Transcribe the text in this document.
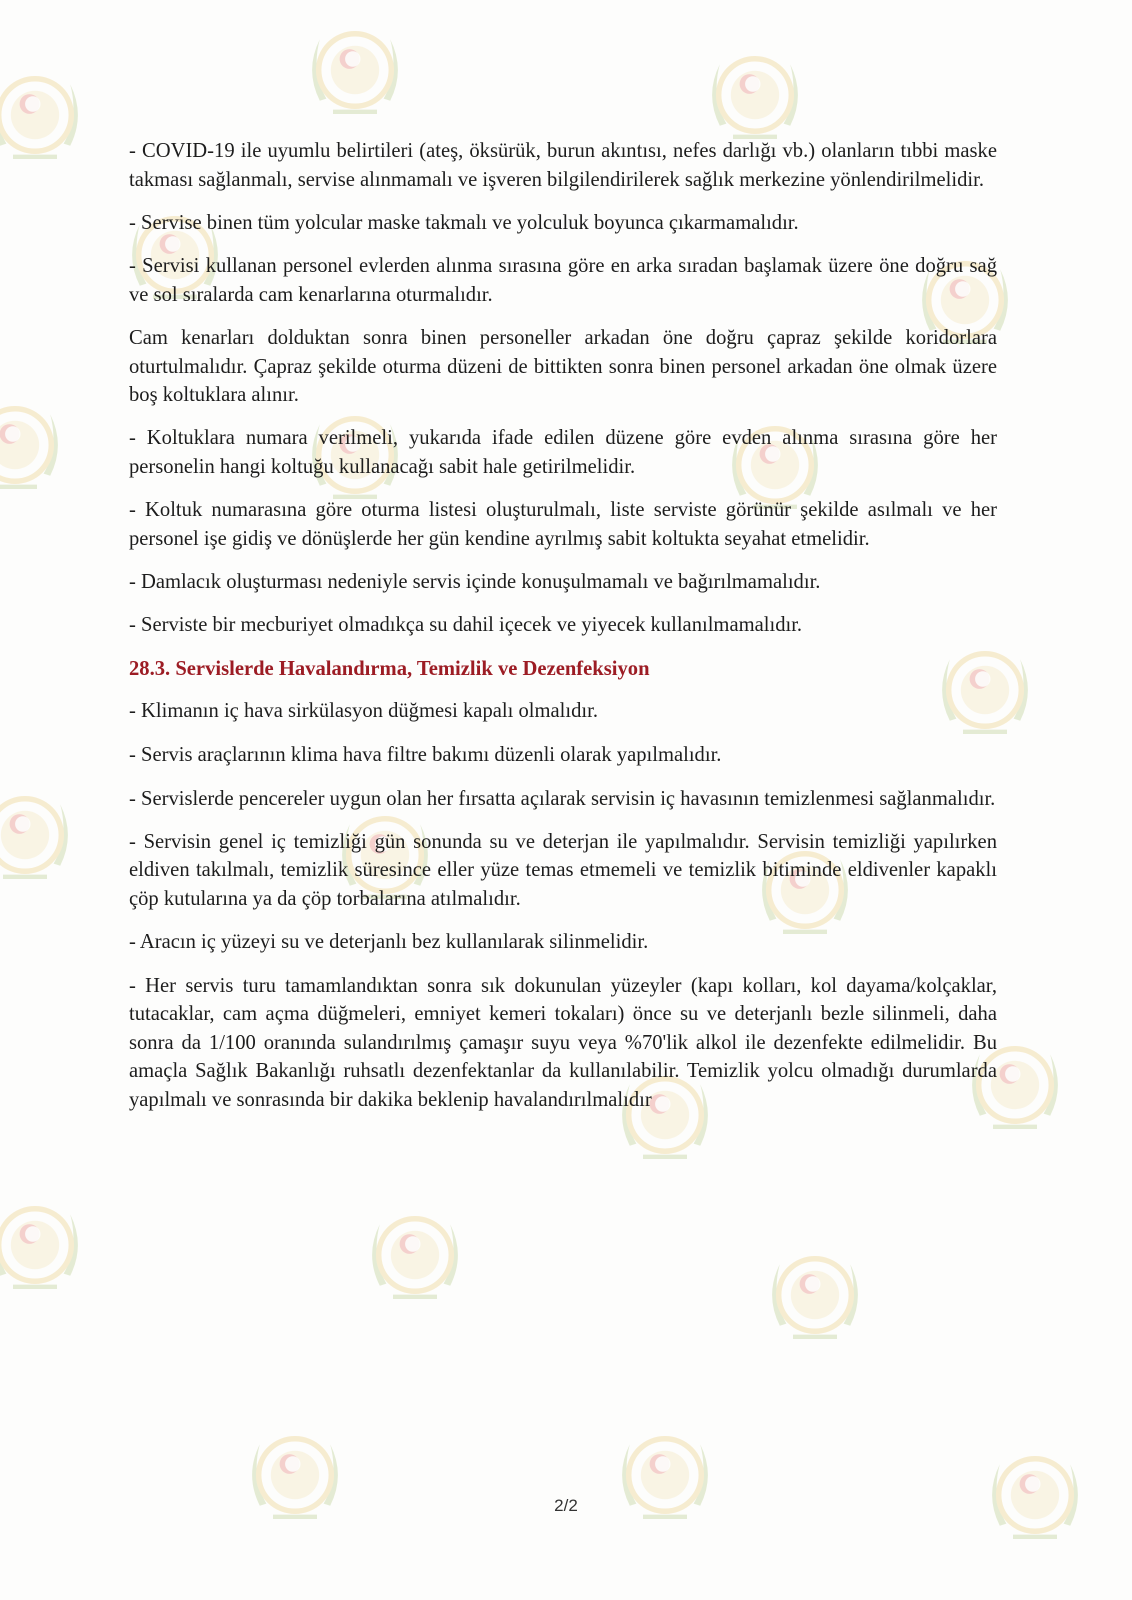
- COVID-19 ile uyumlu belirtileri (ateş, öksürük, burun akıntısı, nefes darlığı vb.) olanların tıbbi maske takması sağlanmalı, servise alınmamalı ve işveren bilgilendirilerek sağlık merkezine yönlendirilmelidir.

- Servise binen tüm yolcular maske takmalı ve yolculuk boyunca çıkarmamalıdır.

- Servisi kullanan personel evlerden alınma sırasına göre en arka sıradan başlamak üzere öne doğru sağ ve sol sıralarda cam kenarlarına oturmalıdır.

Cam kenarları dolduktan sonra binen personeller arkadan öne doğru çapraz şekilde koridorlara oturtulmalıdır. Çapraz şekilde oturma düzeni de bittikten sonra binen personel arkadan öne olmak üzere boş koltuklara alınır.

- Koltuklara numara verilmeli, yukarıda ifade edilen düzene göre evden alınma sırasına göre her personelin hangi koltuğu kullanacağı sabit hale getirilmelidir.

- Koltuk numarasına göre oturma listesi oluşturulmalı, liste serviste görünür şekilde asılmalı ve her personel işe gidiş ve dönüşlerde her gün kendine ayrılmış sabit koltukta seyahat etmelidir.

- Damlacık oluşturması nedeniyle servis içinde konuşulmamalı ve bağırılmamalıdır.

- Serviste bir mecburiyet olmadıkça su dahil içecek ve yiyecek kullanılmamalıdır.

28.3. Servislerde Havalandırma, Temizlik ve Dezenfeksiyon

- Klimanın iç hava sirkülasyon düğmesi kapalı olmalıdır.

- Servis araçlarının klima hava filtre bakımı düzenli olarak yapılmalıdır.

- Servislerde pencereler uygun olan her fırsatta açılarak servisin iç havasının temizlenmesi sağlanmalıdır.

- Servisin genel iç temizliği gün sonunda su ve deterjan ile yapılmalıdır. Servisin temizliği yapılırken eldiven takılmalı, temizlik süresince eller yüze temas etmemeli ve temizlik bitiminde eldivenler kapaklı çöp kutularına ya da çöp torbalarına atılmalıdır.

- Aracın iç yüzeyi su ve deterjanlı bez kullanılarak silinmelidir.

- Her servis turu tamamlandıktan sonra sık dokunulan yüzeyler (kapı kolları, kol dayama/kolçaklar, tutacaklar, cam açma düğmeleri, emniyet kemeri tokaları) önce su ve deterjanlı bezle silinmeli, daha sonra da 1/100 oranında sulandırılmış çamaşır suyu veya %70'lik alkol ile dezenfekte edilmelidir. Bu amaçla Sağlık Bakanlığı ruhsatlı dezenfektanlar da kullanılabilir. Temizlik yolcu olmadığı durumlarda yapılmalı ve sonrasında bir dakika beklenip havalandırılmalıdır

2/2
